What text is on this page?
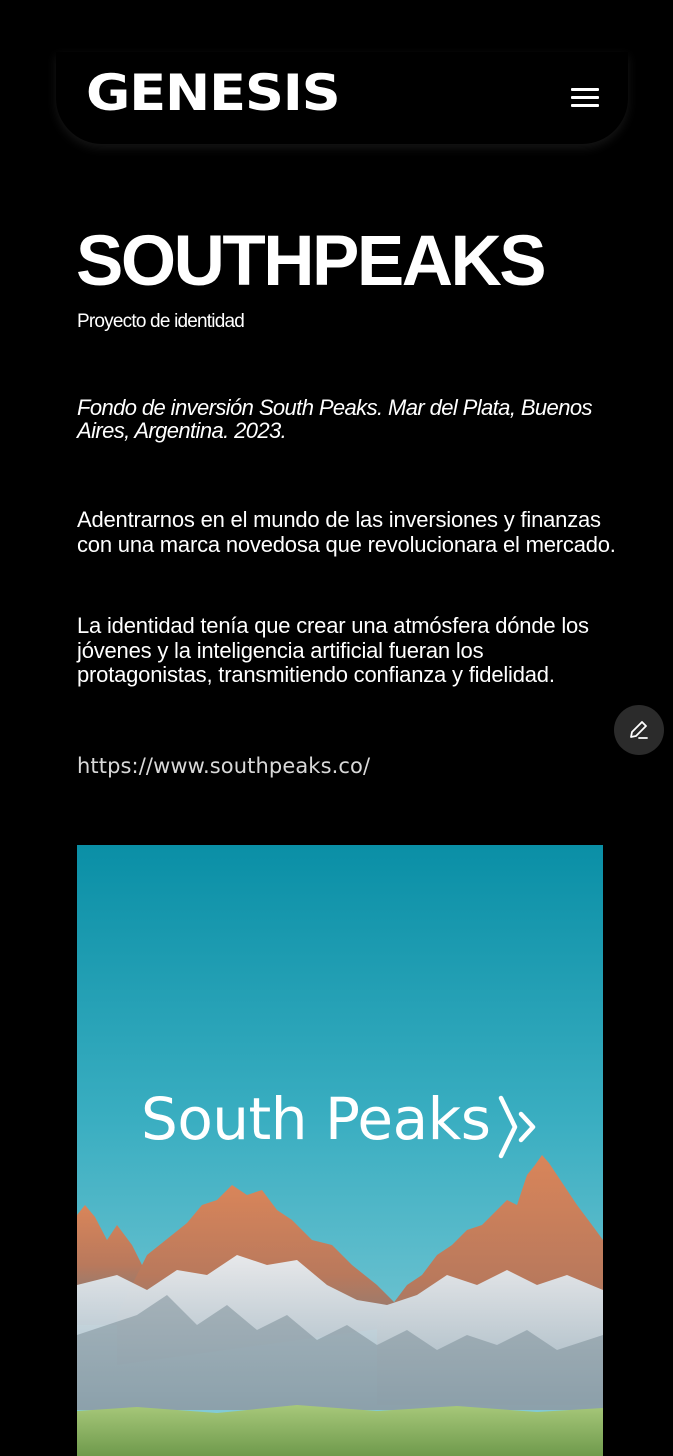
GENESIS
SOUTHPEAKS
Proyecto de identidad

Fondo de inversión South Peaks. Mar del Plata, Buenos Aires, Argentina. 2023.

Adentrarnos en el mundo de las inversiones y finanzas con una marca novedosa que revolucionara el mercado.

La identidad tenía que crear una atmósfera dónde los jóvenes y la inteligencia artificial fueran los protagonistas, transmitiendo confianza y fidelidad.

https://www.southpeaks.co/
South Peaks
